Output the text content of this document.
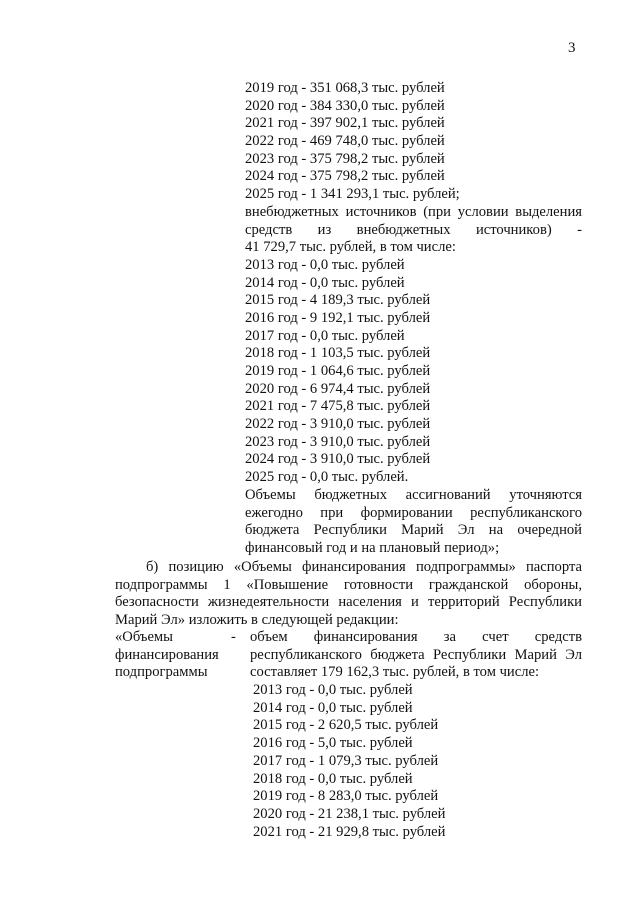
3
2019 год - 351 068,3 тыс. рублей
2020 год - 384 330,0 тыс. рублей
2021 год - 397 902,1 тыс. рублей
2022 год - 469 748,0 тыс. рублей
2023 год - 375 798,2 тыс. рублей
2024 год - 375 798,2 тыс. рублей
2025 год - 1 341 293,1 тыс. рублей;
внебюджетных источников (при условии выделения
средств из внебюджетных источников) -
41 729,7 тыс. рублей, в том числе:
2013 год - 0,0 тыс. рублей
2014 год - 0,0 тыс. рублей
2015 год - 4 189,3 тыс. рублей
2016 год - 9 192,1 тыс. рублей
2017 год - 0,0 тыс. рублей
2018 год - 1 103,5 тыс. рублей
2019 год - 1 064,6 тыс. рублей
2020 год - 6 974,4 тыс. рублей
2021 год - 7 475,8 тыс. рублей
2022 год - 3 910,0 тыс. рублей
2023 год - 3 910,0 тыс. рублей
2024 год - 3 910,0 тыс. рублей
2025 год - 0,0 тыс. рублей.
Объемы бюджетных ассигнований уточняются
ежегодно при формировании республиканского
бюджета Республики Марий Эл на очередной
финансовый год и на плановый период»;
б) позицию «Объемы финансирования подпрограммы» паспорта
подпрограммы 1 «Повышение готовности гражданской обороны,
безопасности жизнедеятельности населения и территорий Республики
Марий Эл» изложить в следующей редакции:
«Объемы
финансирования
подпрограммы
- объем финансирования за счет средств
республиканского бюджета Республики Марий Эл
составляет 179 162,3 тыс. рублей, в том числе:
2013 год - 0,0 тыс. рублей
2014 год - 0,0 тыс. рублей
2015 год - 2 620,5 тыс. рублей
2016 год - 5,0 тыс. рублей
2017 год - 1 079,3 тыс. рублей
2018 год - 0,0 тыс. рублей
2019 год - 8 283,0 тыс. рублей
2020 год - 21 238,1 тыс. рублей
2021 год - 21 929,8 тыс. рублей
